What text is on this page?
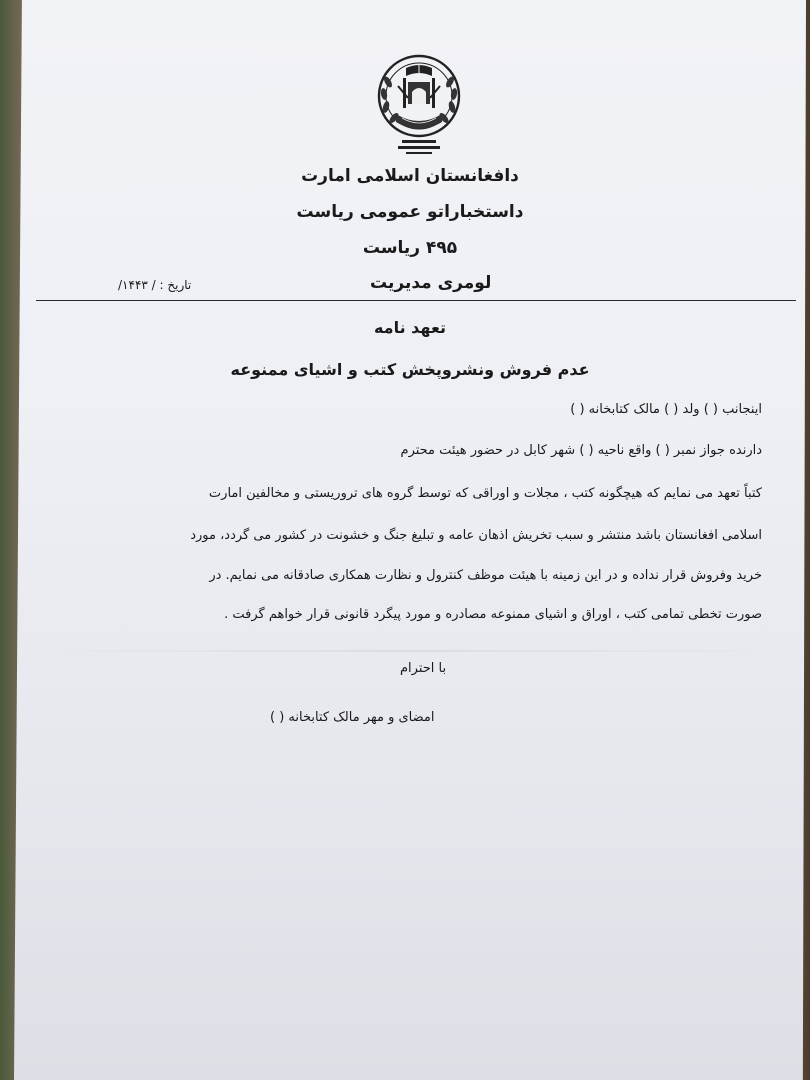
دافغانستان اسلامی امارت
داستخباراتو عمومی ریاست
۴۹۵ ریاست
لومری مدیریت
تاریخ : / ۱۴۴۳/
تعهد نامه
عدم فروش ونشروپخش کتب و اشیای ممنوعه
اینجانب ( ) ولد ( ) مالک کتابخانه ( )
دارنده جواز نمبر ( ) واقع ناحیه ( ) شهر کابل در حضور هیئت محترم
کتباً تعهد می نمایم که هیچگونه کتب ، مجلات و اوراقی که توسط گروه های تروریستی و مخالفین امارت
اسلامی افغانستان باشد منتشر و سبب تخریش اذهان عامه و تبلیغ جنگ و خشونت در کشور می گردد، مورد
خرید وفروش قرار نداده و در این زمینه با هیئت موظف کنترول و نظارت همکاری صادقانه می نمایم. در
صورت تخطی تمامی کتب ، اوراق و اشیای ممنوعه مصادره و مورد پیگرد قانونی قرار خواهم گرفت .
با احترام
امضای و مهر مالک کتابخانه ( )
